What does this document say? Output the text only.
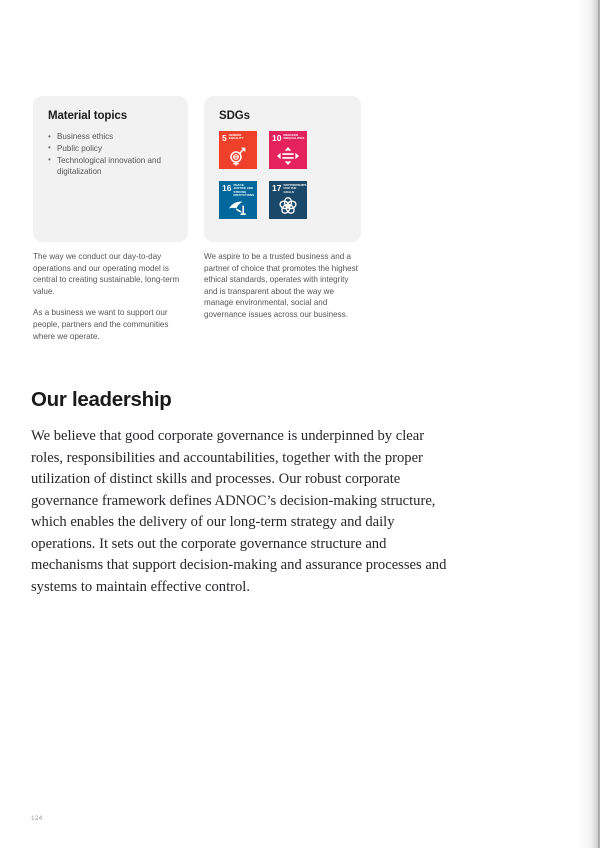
Material topics
• Business ethics
• Public policy
• Technological innovation and digitalization
SDGs
5 GENDER EQUALITY	10 REDUCED INEQUALITIES
16 PEACE, JUSTICE AND STRONG INSTITUTIONS
17 PARTNERSHIPS FOR THE GOALS

The way we conduct our day-to-day operations and our operating model is central to creating sustainable, long-term value.

As a business we want to support our people, partners and the communities where we operate.

We aspire to be a trusted business and a partner of choice that promotes the highest ethical standards, operates with integrity and is transparent about the way we manage environmental, social and governance issues across our business.

Our leadership

We believe that good corporate governance is underpinned by clear roles, responsibilities and accountabilities, together with the proper utilization of distinct skills and processes. Our robust corporate governance framework defines ADNOC’s decision-making structure, which enables the delivery of our long-term strategy and daily operations. It sets out the corporate governance structure and mechanisms that support decision-making and assurance processes and systems to maintain effective control.

124
